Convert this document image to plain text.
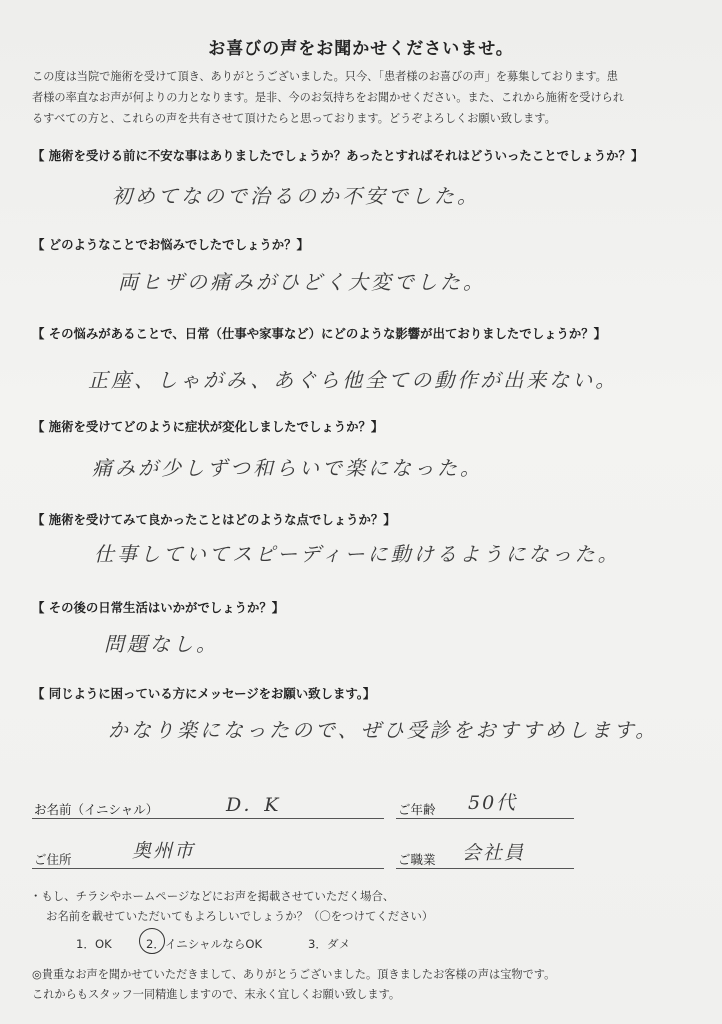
お喜びの声をお聞かせくださいませ。
この度は当院で施術を受けて頂き、ありがとうございました。只今、「患者様のお喜びの声」を募集しております。患
者様の率直なお声が何よりの力となります。是非、今のお気持ちをお聞かせください。また、これから施術を受けられ
るすべての方と、これらの声を共有させて頂けたらと思っております。どうぞよろしくお願い致します。
【 施術を受ける前に不安な事はありましたでしょうか？あったとすればそれはどういったことでしょうか？】
初めてなので治るのか不安でした。
【 どのようなことでお悩みでしたでしょうか？】
両ヒザの痛みがひどく大変でした。
【 その悩みがあることで、日常（仕事や家事など）にどのような影響が出ておりましたでしょうか？】
正座、しゃがみ、あぐら他全ての動作が出来ない。
【 施術を受けてどのように症状が変化しましたでしょうか？】
痛みが少しずつ和らいで楽になった。
【 施術を受けてみて良かったことはどのような点でしょうか？】
仕事していてスピーディーに動けるようになった。
【 その後の日常生活はいかがでしょうか？】
問題なし。
【 同じように困っている方にメッセージをお願い致します。】
かなり楽になったので、ぜひ受診をおすすめします。
お名前（イニシャル）	D．K	ご年齢 50代
ご住所	奥州市	ご職業 会社員
・もし、チラシやホームページなどにお声を掲載させていただく場合、
お名前を載せていただいてもよろしいでしょうか？（〇をつけてください）
1．OK	2．イニシャルならOK	3．ダメ
◎貴重なお声を聞かせていただきまして、ありがとうございました。頂きましたお客様の声は宝物です。
これからもスタッフ一同精進しますので、末永く宜しくお願い致します。
